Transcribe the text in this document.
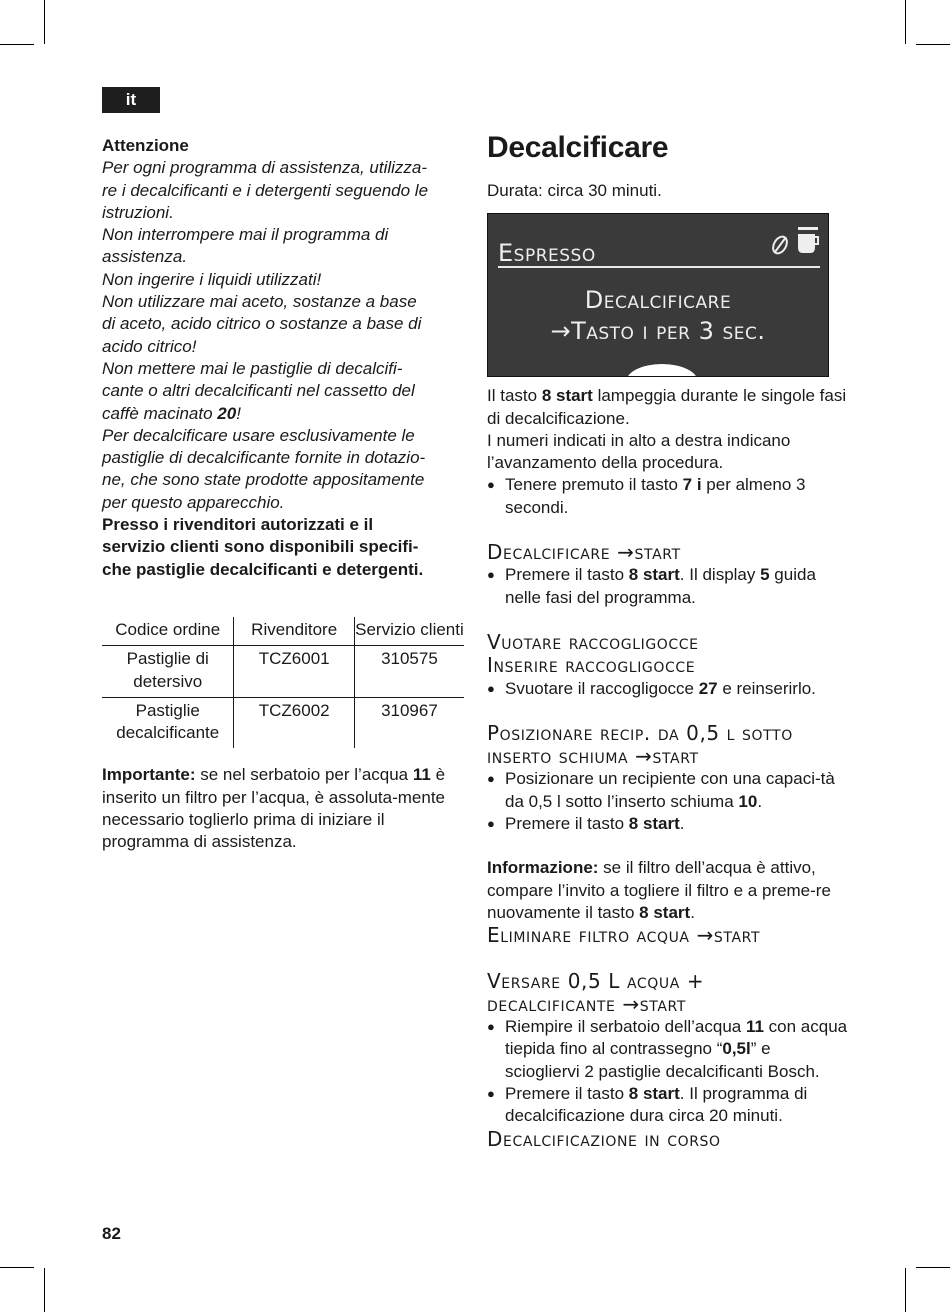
it
Attenzione

Per ogni programma di assistenza, utilizza-

re i decalcificanti e i detergenti seguendo le

istruzioni.

Non interrompere mai il programma di

assistenza.

Non ingerire i liquidi utilizzati!

Non utilizzare mai aceto, sostanze a base

di aceto, acido citrico o sostanze a base di

acido citrico!

Non mettere mai le pastiglie di decalcifi-

cante o altri decalcificanti nel cassetto del

caffè macinato 20!

Per decalcificare usare esclusivamente le

pastiglie di decalcificante fornite in dotazio-

ne, che sono state prodotte appositamente

per questo apparecchio.

Presso i rivenditori autorizzati e il
servizio clienti sono disponibili specifi-
che pastiglie decalcificanti e detergenti.
Codice ordine	Rivenditore	Servizio clienti
Pastiglie di detersivo	TCZ6001	310575
Pastiglie decalcificante	TCZ6002	310967
Importante: se nel serbatoio per l’acqua 11 è inserito un filtro per l’acqua, è assoluta-mente necessario toglierlo prima di iniziare il programma di assistenza.
Decalcificare
Durata: circa 30 minuti.
Espresso
Decalcificare
→Tasto i per 3 sec.

Il tasto 8 start lampeggia durante le singole fasi di decalcificazione.

I numeri indicati in alto a destra indicano l’avanzamento della procedura.

● Tenere premuto il tasto 7 i per almeno 3 secondi.
Decalcificare →start
● Premere il tasto 8 start. Il display 5 guida nelle fasi del programma.
Vuotare raccogligocce
Inserire raccogligocce
● Svuotare il raccogligocce 27 e reinserirlo.
Posizionare recip. da 0,5 l sotto
inserto schiuma →start
● Posizionare un recipiente con una capaci-tà da 0,5 l sotto l’inserto schiuma 10.
● Premere il tasto 8 start.
Informazione: se il filtro dell’acqua è attivo, compare l’invito a togliere il filtro e a preme-re nuovamente il tasto 8 start.
Eliminare filtro acqua →start
Versare 0,5 L acqua +
decalcificante →start
● Riempire il serbatoio dell’acqua 11 con acqua tiepida fino al contrassegno “0,5l” e sciogliervi 2 pastiglie decalcificanti Bosch.
● Premere il tasto 8 start. Il programma di decalcificazione dura circa 20 minuti.
Decalcificazione in corso
82
